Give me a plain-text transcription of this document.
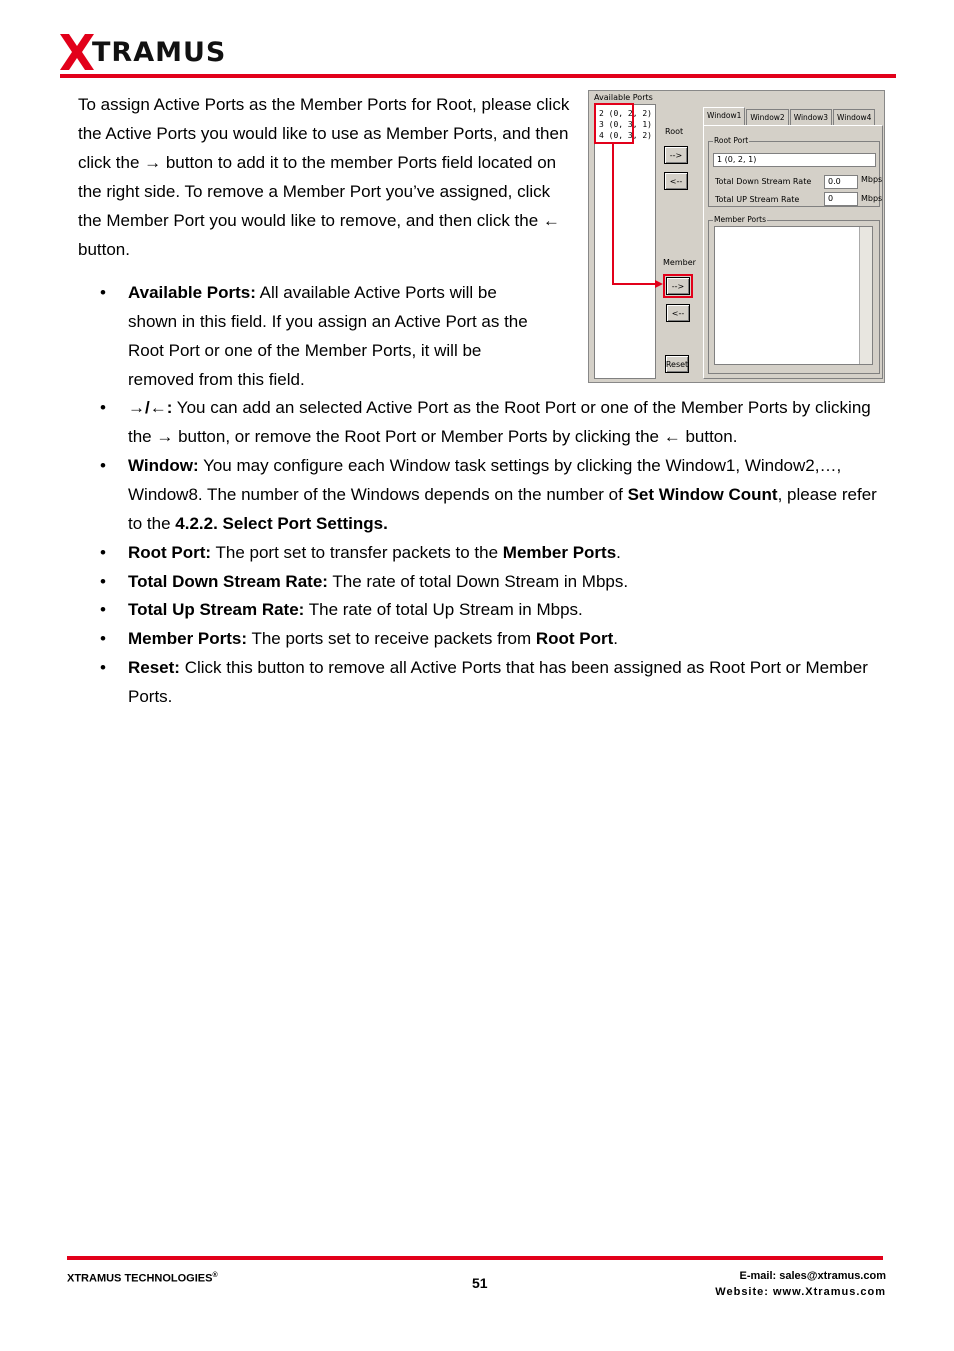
TRAMUS
To assign Active Ports as the Member Ports for Root, please click the Active Ports you would like to use as Member Ports, and then click the → button to add it to the member Ports field located on the right side. To remove a Member Port you’ve assigned, click the Member Port you would like to remove, and then click the ← button.
• Available Ports: All available Active Ports will be shown in this field. If you assign an Active Port as the Root Port or one of the Member Ports, it will be removed from this field.
• →/←: You can add an selected Active Port as the Root Port or one of the Member Ports by clicking the → button, or remove the Root Port or Member Ports by clicking the ← button.
• Window: You may configure each Window task settings by clicking the Window1, Window2,…, Window8. The number of the Windows depends on the number of Set Window Count, please refer to the 4.2.2. Select Port Settings.
• Root Port: The port set to transfer packets to the Member Ports.
• Total Down Stream Rate: The rate of total Down Stream in Mbps.
• Total Up Stream Rate: The rate of total Up Stream in Mbps.
• Member Ports: The ports set to receive packets from Root Port.
• Reset: Click this button to remove all Active Ports that has been assigned as Root Port or Member Ports.
Available Ports
2 (0, 2, 2)
3 (0, 3, 1)
4 (0, 3, 2) Root
-->
<--
Member
-->
<--
Reset
Window1	Window2	Window3	Window4
Root Port
1 (0, 2, 1)
Total Down Stream Rate	0.0	Mbps
Total UP Stream Rate	0	Mbps
Member Ports
XTRAMUS TECHNOLOGIES®	51	E-mail: sales@xtramus.com
Website: www.Xtramus.com
